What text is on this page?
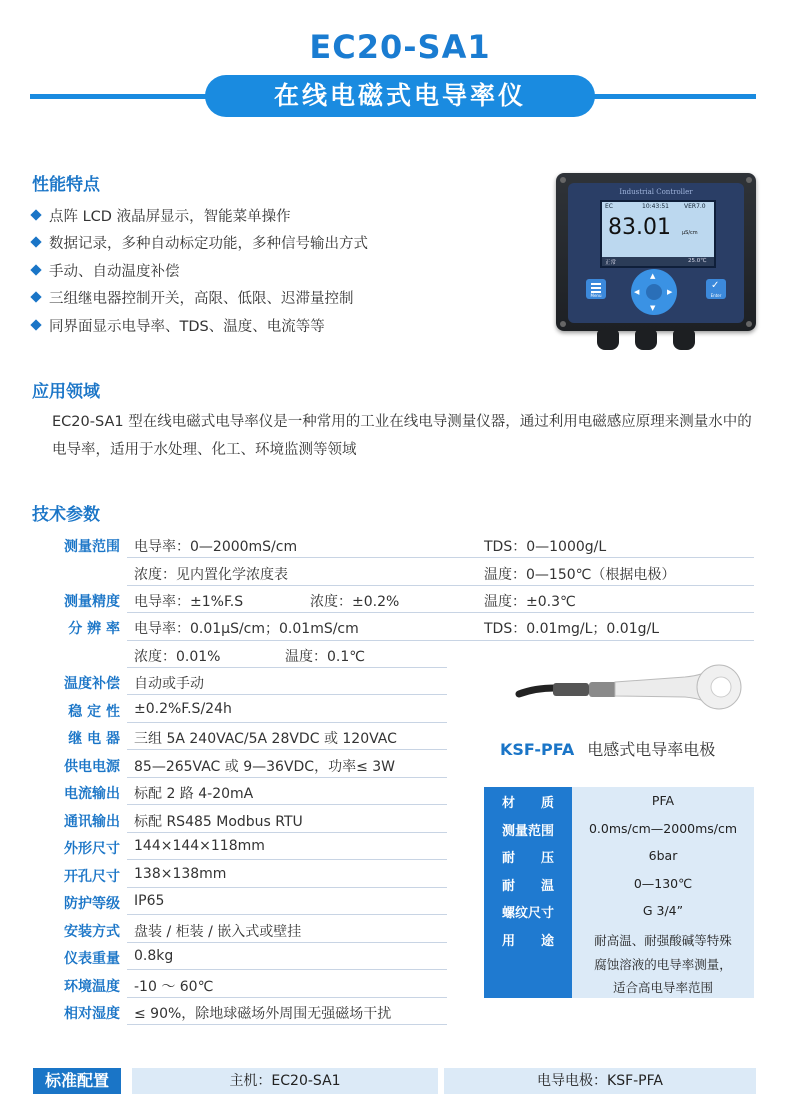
EC20-SA1
在线电磁式电导率仪
性能特点
点阵 LCD 液晶屏显示，智能菜单操作
数据记录，多种自动标定功能，多种信号输出方式
手动、自动温度补偿
三组继电器控制开关，高限、低限、迟滞量控制
同界面显示电导率、TDS、温度、电流等等
Industrial Controller
EC	10:43:51	VER7.0
83.01 μS/cm
正常	25.0℃
Menu
▲
▼
◀	▶
✓
Enter
应用领域
EC20-SA1 型在线电磁式电导率仪是一种常用的工业在线电导测量仪器，通过利用电磁感应原理来测量水中的电导率，适用于水处理、化工、环境监测等领域
技术参数
测量范围 电导率：0—2000mS/cm	TDS：0—1000g/L
浓度：见内置化学浓度表	温度：0—150℃（根据电极）
测量精度 电导率：±1%F.S	浓度：±0.2%	温度：±0.3℃
分 辨 率 电导率：0.01μS/cm；0.01mS/cm	TDS：0.01mg/L；0.01g/L
浓度：0.01%	温度：0.1℃
温度补偿 自动或手动
稳 定 性 ±0.2%F.S/24h
继 电 器 三组 5A 240VAC/5A 28VDC 或 120VAC
供电电源 85—265VAC 或 9—36VDC，功率≤ 3W
电流输出 标配 2 路 4-20mA
通讯输出 标配 RS485 Modbus RTU
外形尺寸 144×144×118mm
开孔尺寸 138×138mm
防护等级 IP65
安装方式 盘装 / 柜装 / 嵌入式或壁挂
仪表重量 0.8kg
环境温度 -10 ～ 60℃
相对湿度 ≤ 90%，除地球磁场外周围无强磁场干扰
KSF-PFA 电感式电导率电极
材　　质	PFA
测量范围	0.0ms/cm—2000ms/cm
耐　　压	6bar
耐　　温	0—130℃
螺纹尺寸	G 3/4”
用　　途	耐高温、耐强酸碱等特殊
腐蚀溶液的电导率测量，
适合高电导率范围
标准配置	主机：EC20-SA1	电导电极：KSF-PFA
